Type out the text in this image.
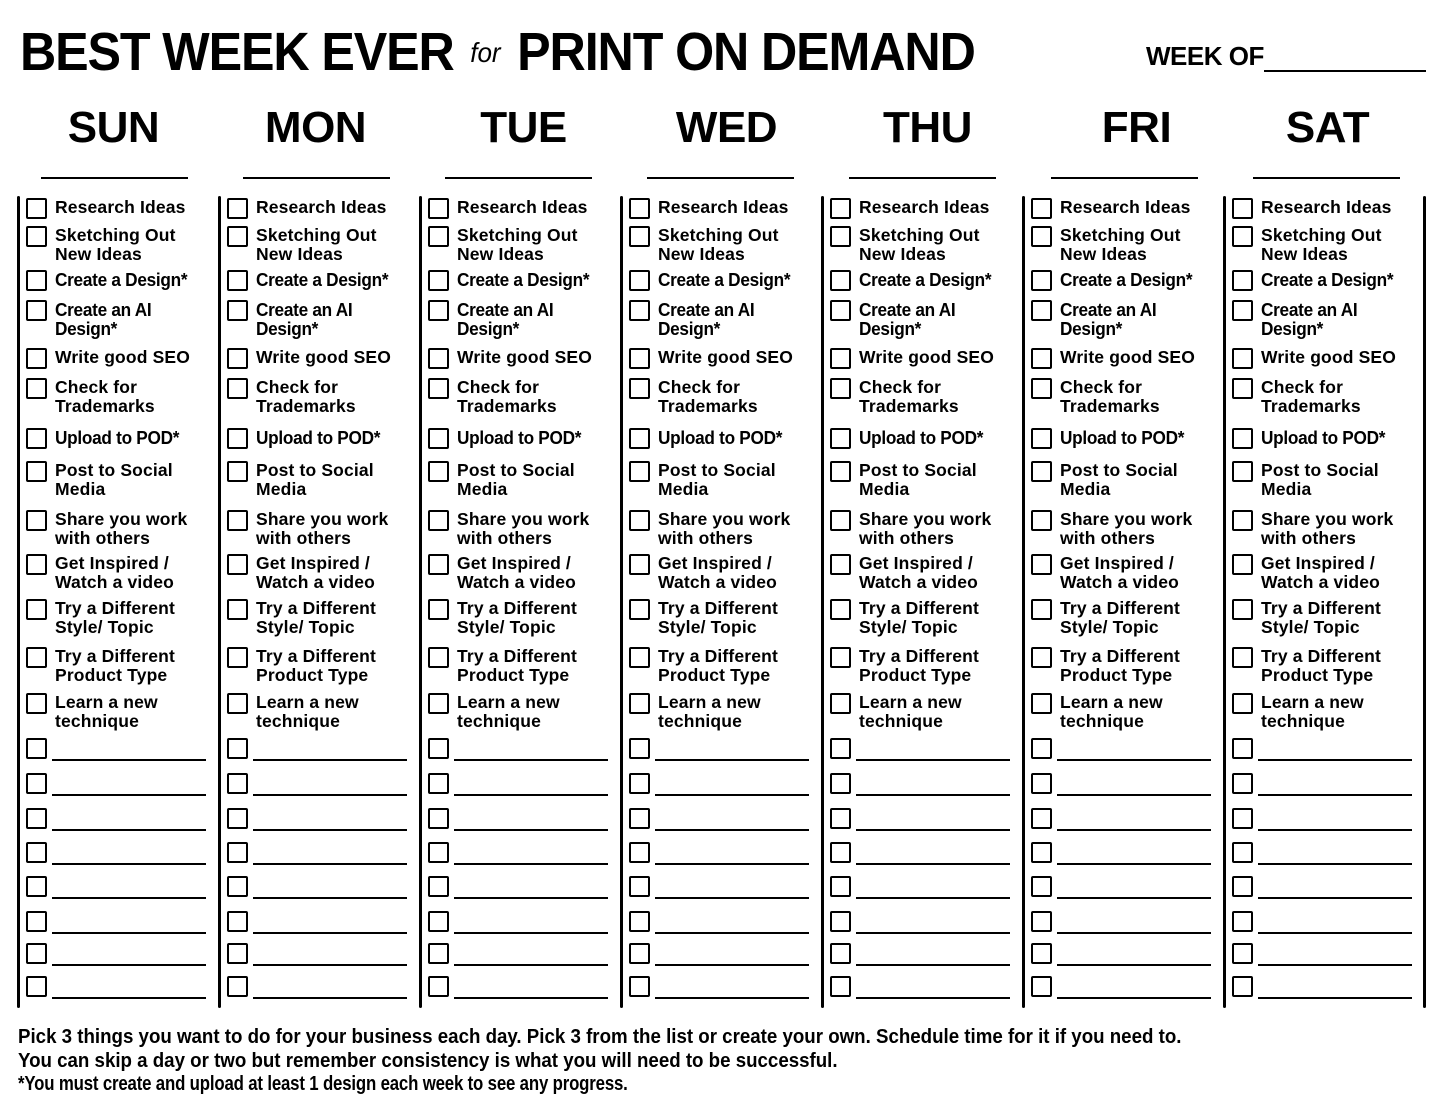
BEST WEEK EVER for PRINT ON DEMAND	WEEK OF
SUN
Research Ideas
Sketching Out
New Ideas
Create a Design*
Create an AI
Design*
Write good SEO
Check for
Trademarks
Upload to POD*
Post to Social
Media
Share you work
with others
Get Inspired /
Watch a video
Try a Different
Style/ Topic
Try a Different
Product Type
Learn a new
technique
MON
Research Ideas
Sketching Out
New Ideas
Create a Design*
Create an AI
Design*
Write good SEO
Check for
Trademarks
Upload to POD*
Post to Social
Media
Share you work
with others
Get Inspired /
Watch a video
Try a Different
Style/ Topic
Try a Different
Product Type
Learn a new
technique
TUE
Research Ideas
Sketching Out
New Ideas
Create a Design*
Create an AI
Design*
Write good SEO
Check for
Trademarks
Upload to POD*
Post to Social
Media
Share you work
with others
Get Inspired /
Watch a video
Try a Different
Style/ Topic
Try a Different
Product Type
Learn a new
technique
WED
Research Ideas
Sketching Out
New Ideas
Create a Design*
Create an AI
Design*
Write good SEO
Check for
Trademarks
Upload to POD*
Post to Social
Media
Share you work
with others
Get Inspired /
Watch a video
Try a Different
Style/ Topic
Try a Different
Product Type
Learn a new
technique
THU
Research Ideas
Sketching Out
New Ideas
Create a Design*
Create an AI
Design*
Write good SEO
Check for
Trademarks
Upload to POD*
Post to Social
Media
Share you work
with others
Get Inspired /
Watch a video
Try a Different
Style/ Topic
Try a Different
Product Type
Learn a new
technique
FRI
Research Ideas
Sketching Out
New Ideas
Create a Design*
Create an AI
Design*
Write good SEO
Check for
Trademarks
Upload to POD*
Post to Social
Media
Share you work
with others
Get Inspired /
Watch a video
Try a Different
Style/ Topic
Try a Different
Product Type
Learn a new
technique
SAT
Research Ideas
Sketching Out
New Ideas
Create a Design*
Create an AI
Design*
Write good SEO
Check for
Trademarks
Upload to POD*
Post to Social
Media
Share you work
with others
Get Inspired /
Watch a video
Try a Different
Style/ Topic
Try a Different
Product Type
Learn a new
technique
Pick 3 things you want to do for your business each day. Pick 3 from the list or create your own. Schedule time for it if you need to.
You can skip a day or two but remember consistency is what you will need to be successful.
*You must create and upload at least 1 design each week to see any progress.
